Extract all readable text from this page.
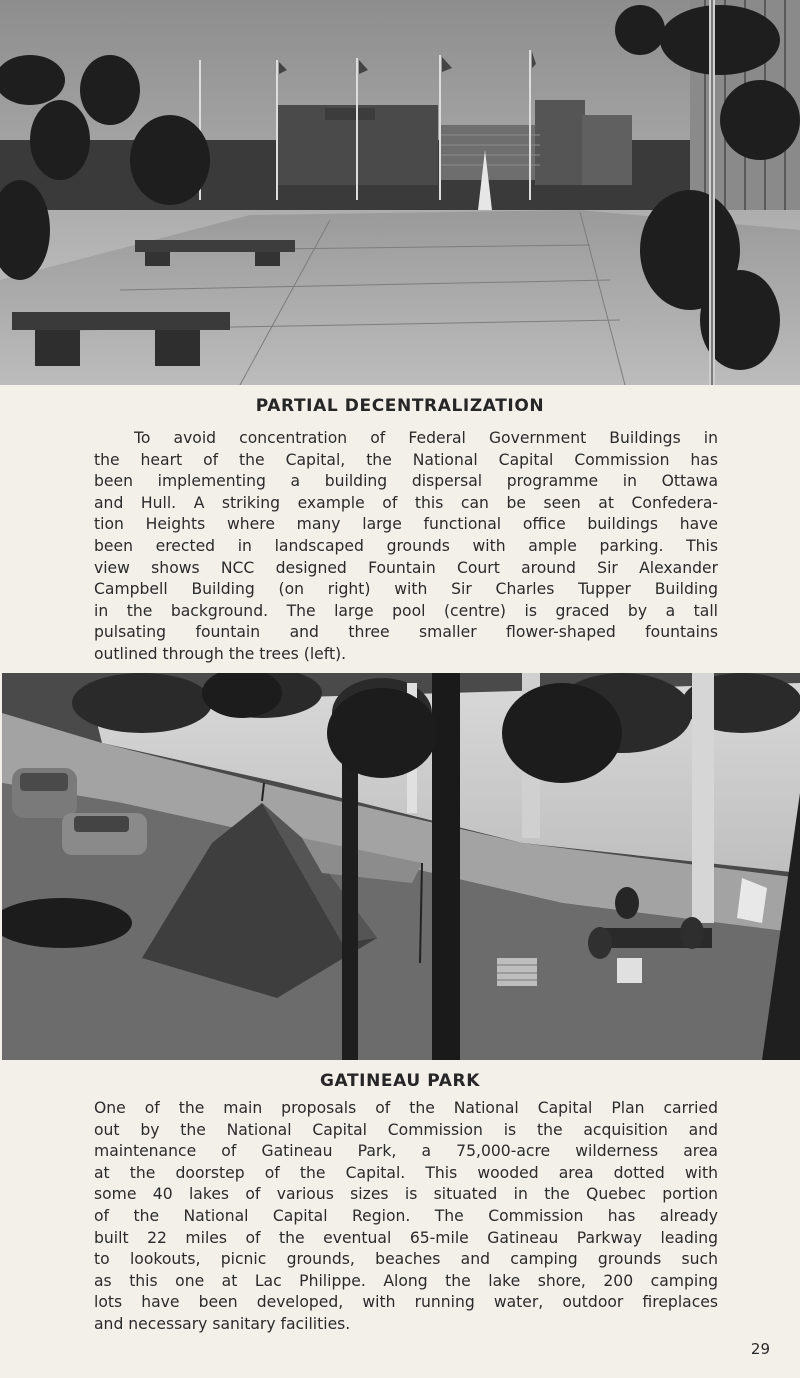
PARTIAL DECENTRALIZATION
To avoid concentration of Federal Government Buildings in
the heart of the Capital, the National Capital Commission has
been implementing a building dispersal programme in Ottawa
and Hull. A striking example of this can be seen at Confedera-
tion Heights where many large functional office buildings have
been erected in landscaped grounds with ample parking. This
view shows NCC designed Fountain Court around Sir Alexander
Campbell Building (on right) with Sir Charles Tupper Building
in the background. The large pool (centre) is graced by a tall
pulsating fountain and three smaller flower-shaped fountains
outlined through the trees (left).
GATINEAU PARK
One of the main proposals of the National Capital Plan carried
out by the National Capital Commission is the acquisition and
maintenance of Gatineau Park, a 75,000-acre wilderness area
at the doorstep of the Capital. This wooded area dotted with
some 40 lakes of various sizes is situated in the Quebec portion
of the National Capital Region. The Commission has already
built 22 miles of the eventual 65-mile Gatineau Parkway leading
to lookouts, picnic grounds, beaches and camping grounds such
as this one at Lac Philippe. Along the lake shore, 200 camping
lots have been developed, with running water, outdoor fireplaces
and necessary sanitary facilities.
29
